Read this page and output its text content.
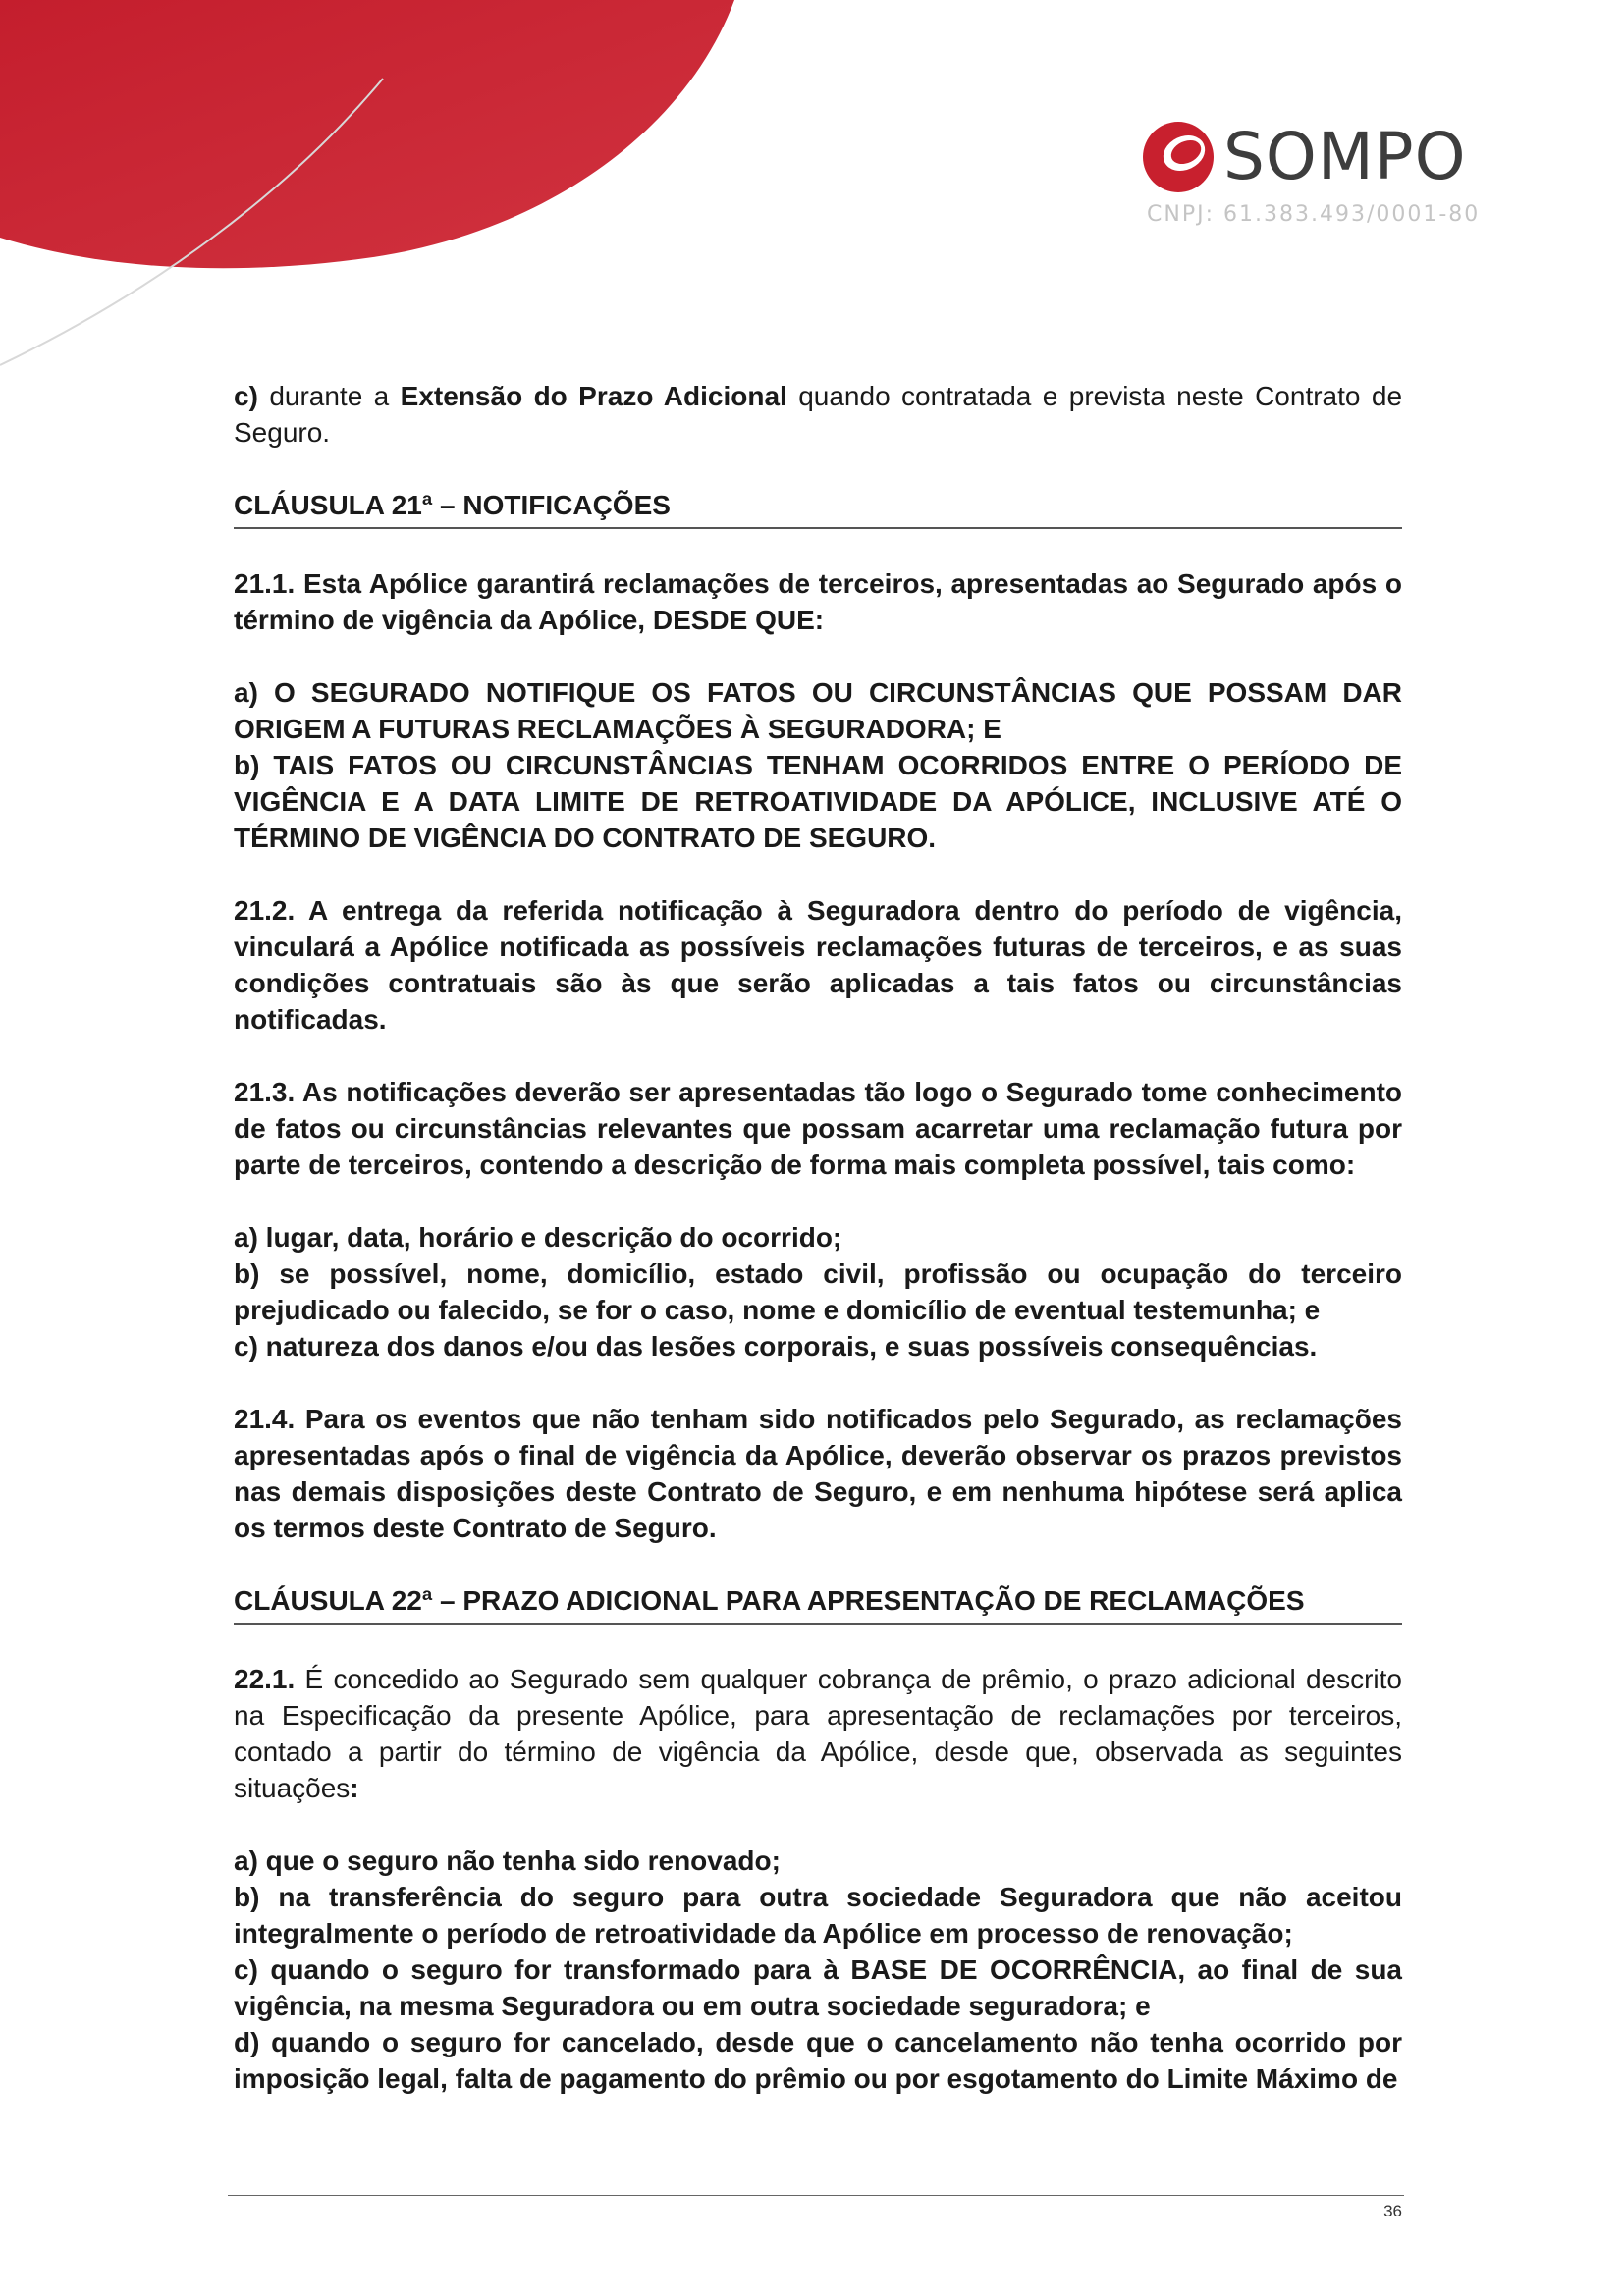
SOMPO
CNPJ: 61.383.493/0001-80

c) durante a Extensão do Prazo Adicional quando contratada e prevista neste Contrato de Seguro.

CLÁUSULA 21ª – NOTIFICAÇÕES

21.1. Esta Apólice garantirá reclamações de terceiros, apresentadas ao Segurado após o término de vigência da Apólice, DESDE QUE:

a) O SEGURADO NOTIFIQUE OS FATOS OU CIRCUNSTÂNCIAS QUE POSSAM DAR ORIGEM A FUTURAS RECLAMAÇÕES À SEGURADORA; E

b) TAIS FATOS OU CIRCUNSTÂNCIAS TENHAM OCORRIDOS ENTRE O PERÍODO DE VIGÊNCIA E A DATA LIMITE DE RETROATIVIDADE DA APÓLICE, INCLUSIVE ATÉ O TÉRMINO DE VIGÊNCIA DO CONTRATO DE SEGURO.

21.2. A entrega da referida notificação à Seguradora dentro do período de vigência, vinculará a Apólice notificada as possíveis reclamações futuras de terceiros, e as suas condições contratuais são às que serão aplicadas a tais fatos ou circunstâncias notificadas.

21.3. As notificações deverão ser apresentadas tão logo o Segurado tome conhecimento de fatos ou circunstâncias relevantes que possam acarretar uma reclamação futura por parte de terceiros, contendo a descrição de forma mais completa possível, tais como:

a) lugar, data, horário e descrição do ocorrido;

b) se possível, nome, domicílio, estado civil, profissão ou ocupação do terceiro prejudicado ou falecido, se for o caso, nome e domicílio de eventual testemunha; e

c) natureza dos danos e/ou das lesões corporais, e suas possíveis consequências.

21.4. Para os eventos que não tenham sido notificados pelo Segurado, as reclamações apresentadas após o final de vigência da Apólice, deverão observar os prazos previstos nas demais disposições deste Contrato de Seguro, e em nenhuma hipótese será aplica os termos deste Contrato de Seguro.

CLÁUSULA 22ª – PRAZO ADICIONAL PARA APRESENTAÇÃO DE RECLAMAÇÕES

22.1. É concedido ao Segurado sem qualquer cobrança de prêmio, o prazo adicional descrito na Especificação da presente Apólice, para apresentação de reclamações por terceiros, contado a partir do término de vigência da Apólice, desde que, observada as seguintes situações:

a) que o seguro não tenha sido renovado;

b) na transferência do seguro para outra sociedade Seguradora que não aceitou integralmente o período de retroatividade da Apólice em processo de renovação;

c) quando o seguro for transformado para à BASE DE OCORRÊNCIA, ao final de sua vigência, na mesma Seguradora ou em outra sociedade seguradora; e

d) quando o seguro for cancelado, desde que o cancelamento não tenha ocorrido por imposição legal, falta de pagamento do prêmio ou por esgotamento do Limite Máximo de

36
